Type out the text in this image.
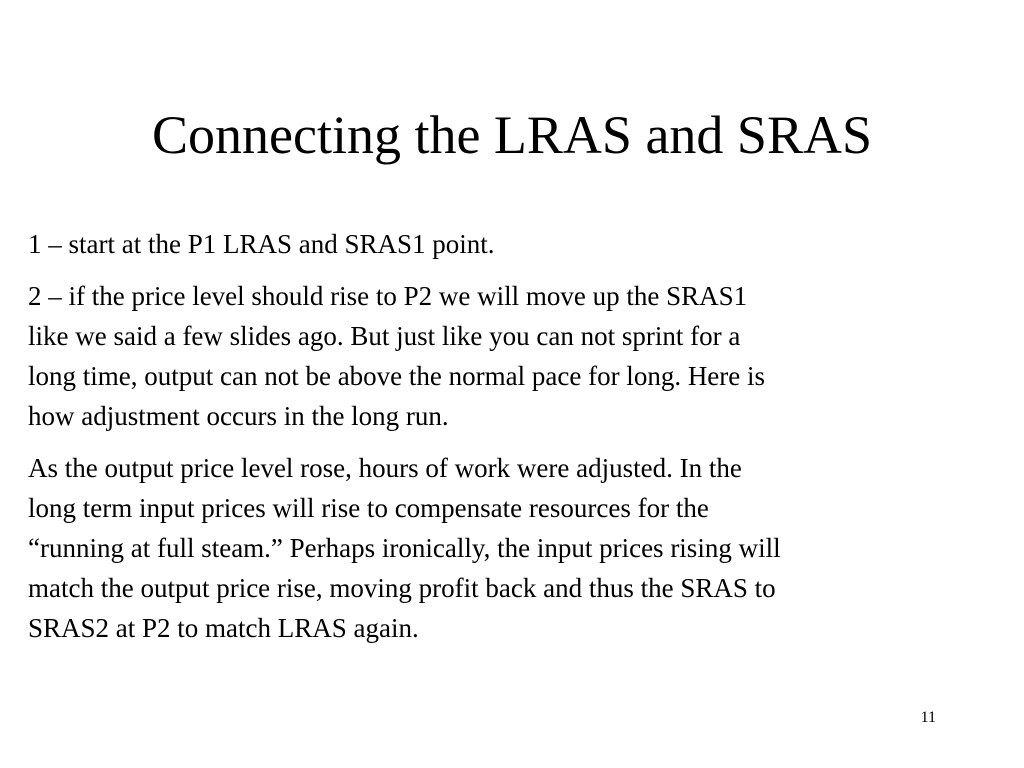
Connecting the LRAS and SRAS

1 – start at the P1 LRAS and SRAS1 point.

2 – if the price level should rise to P2 we will move up the SRAS1
like we said a few slides ago. But just like you can not sprint for a
long time, output can not be above the normal pace for long. Here is
how adjustment occurs in the long run.

As the output price level rose, hours of work were adjusted. In the
long term input prices will rise to compensate resources for the
“running at full steam.” Perhaps ironically, the input prices rising will
match the output price rise, moving profit back and thus the SRAS to
SRAS2 at P2 to match LRAS again.

11
